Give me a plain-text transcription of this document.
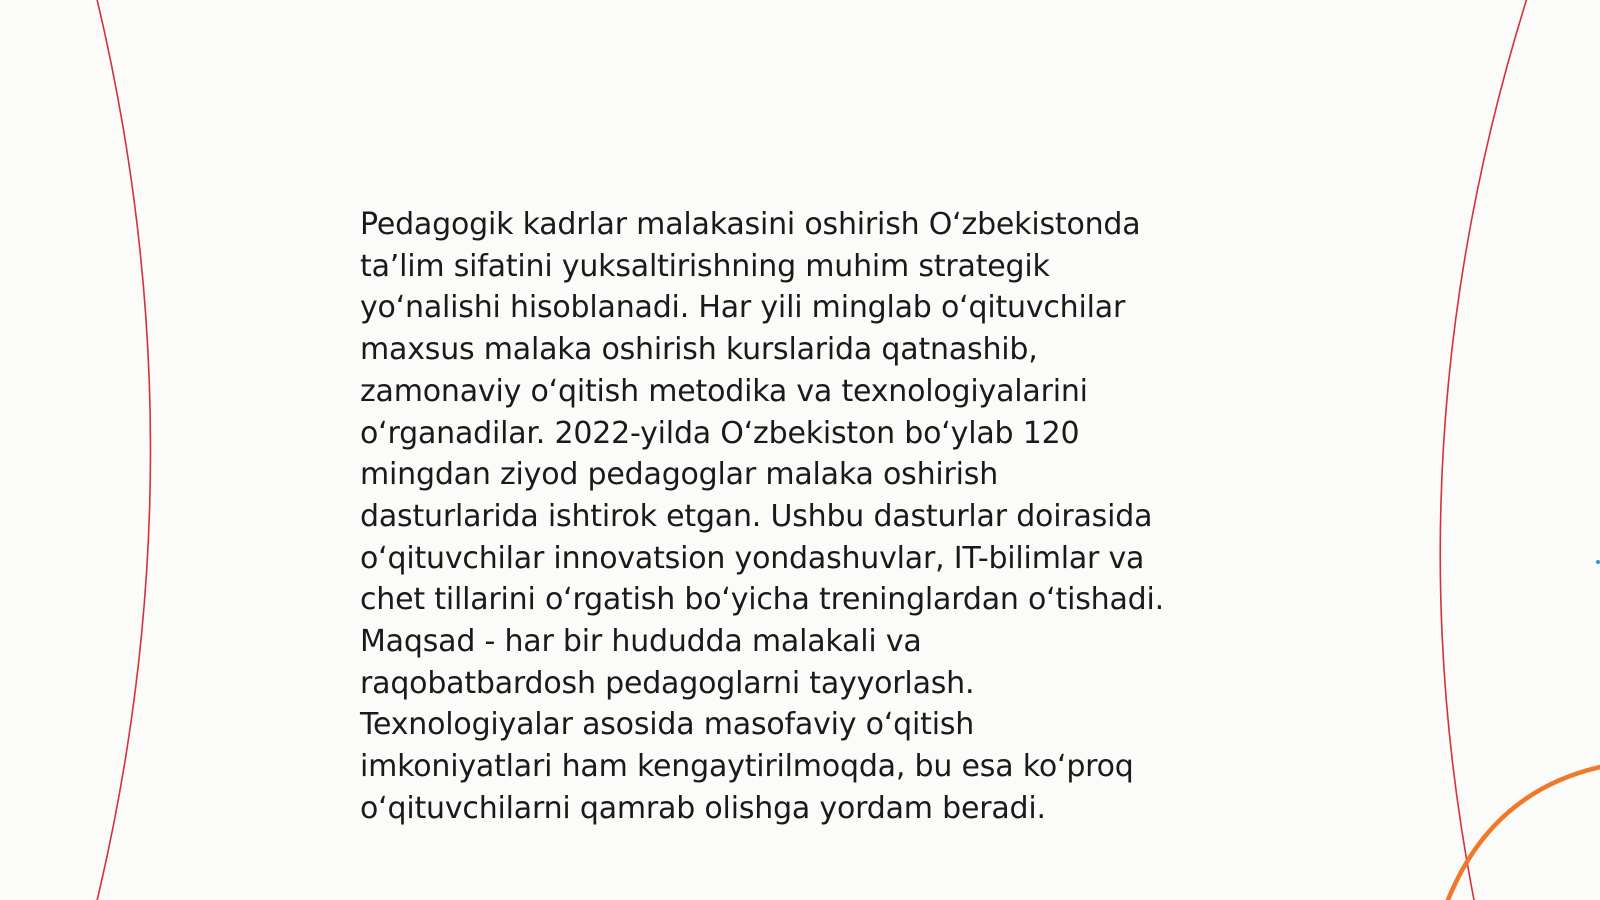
Pedagogik kadrlar malakasini oshirish O‘zbekistonda
ta’lim sifatini yuksaltirishning muhim strategik
yo‘nalishi hisoblanadi. Har yili minglab o‘qituvchilar
maxsus malaka oshirish kurslarida qatnashib,
zamonaviy o‘qitish metodika va texnologiyalarini
o‘rganadilar. 2022-yilda O‘zbekiston bo‘ylab 120
mingdan ziyod pedagoglar malaka oshirish
dasturlarida ishtirok etgan. Ushbu dasturlar doirasida
o‘qituvchilar innovatsion yondashuvlar, IT-bilimlar va
chet tillarini o‘rgatish bo‘yicha treninglardan o‘tishadi.
Maqsad - har bir hududda malakali va
raqobatbardosh pedagoglarni tayyorlash.
Texnologiyalar asosida masofaviy o‘qitish
imkoniyatlari ham kengaytirilmoqda, bu esa ko‘proq
o‘qituvchilarni qamrab olishga yordam beradi.
